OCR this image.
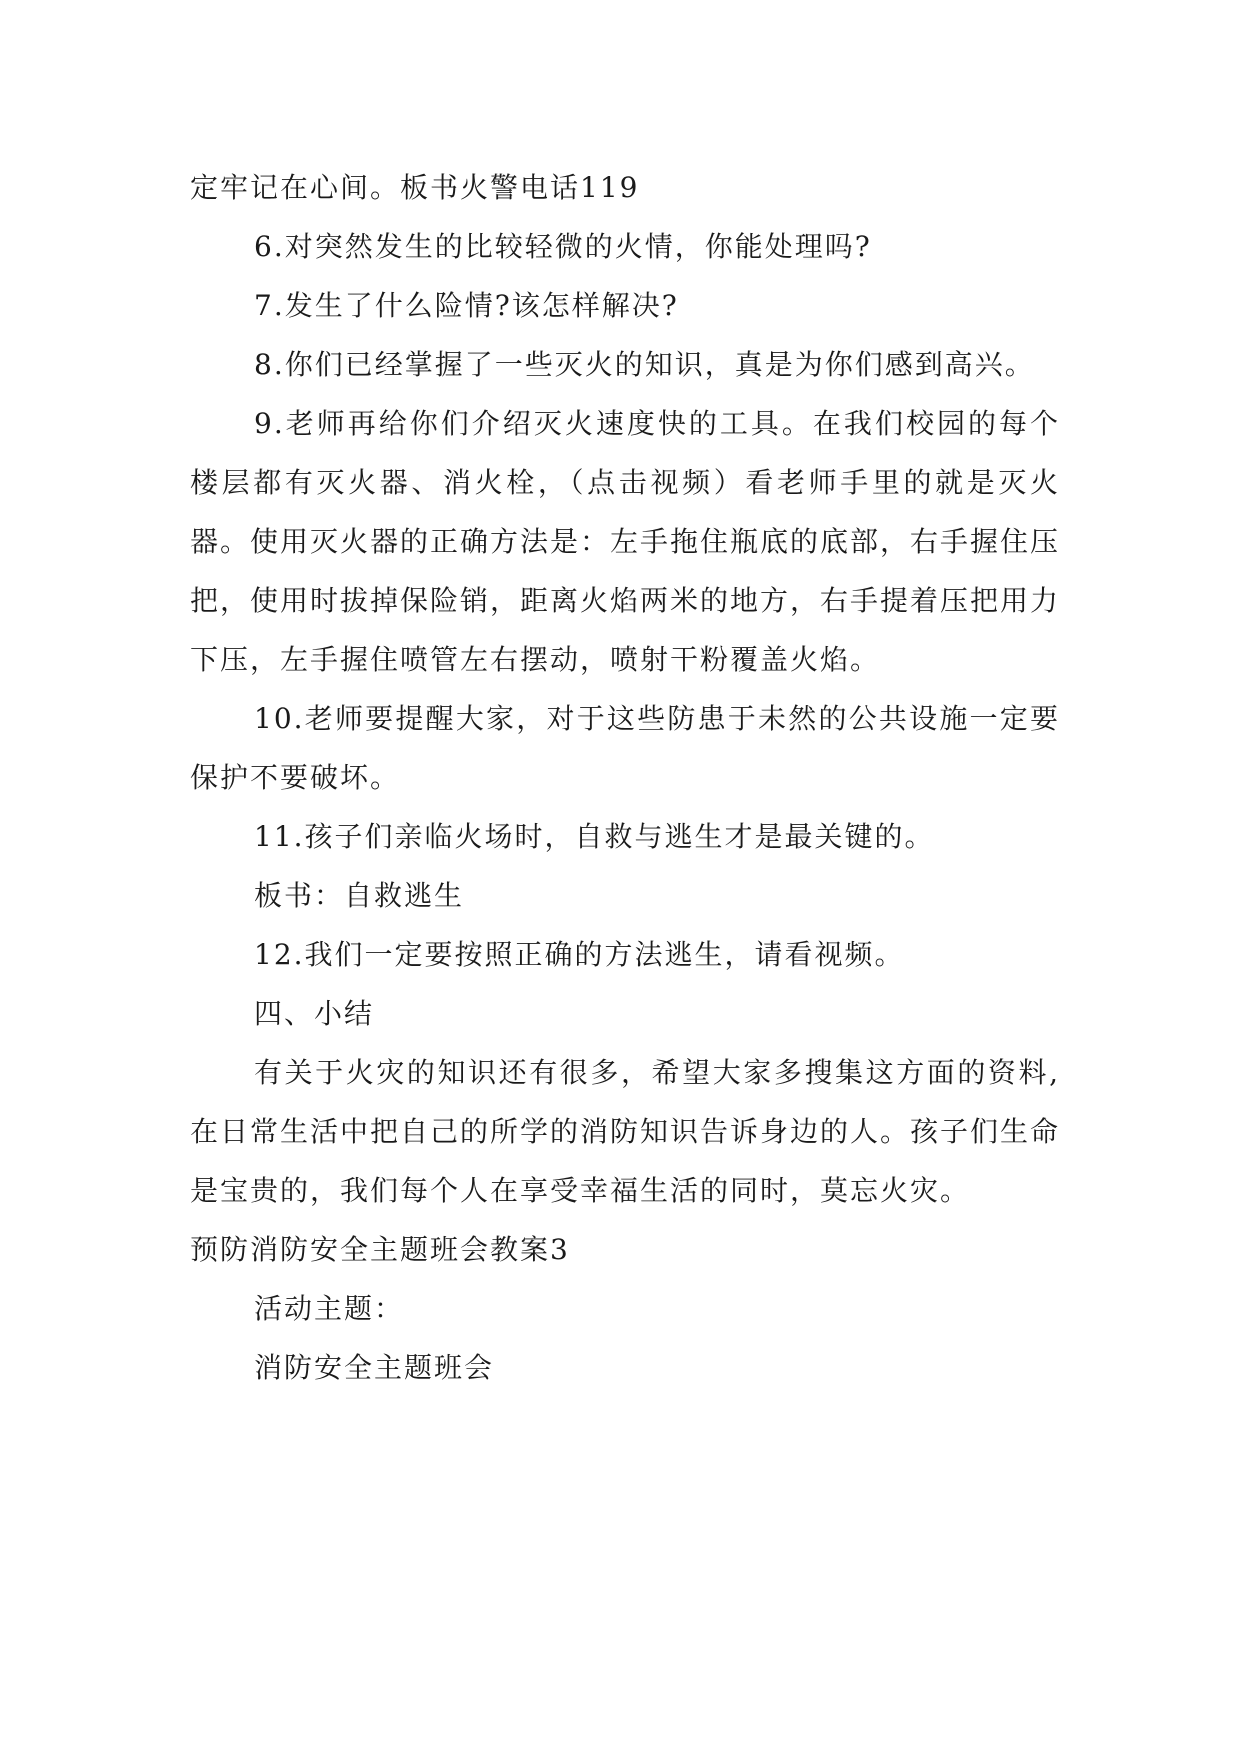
定牢记在心间。板书火警电话119

6.对突然发生的比较轻微的火情，你能处理吗?

7.发生了什么险情?该怎样解决?

8.你们已经掌握了一些灭火的知识，真是为你们感到高兴。

9.老师再给你们介绍灭火速度快的工具。在我们校园的每个楼层都有灭火器、消火栓，（点击视频）看老师手里的就是灭火器。使用灭火器的正确方法是：左手拖住瓶底的底部，右手握住压把，使用时拔掉保险销，距离火焰两米的地方，右手提着压把用力下压，左手握住喷管左右摆动，喷射干粉覆盖火焰。

10.老师要提醒大家，对于这些防患于未然的公共设施一定要保护不要破坏。

11.孩子们亲临火场时，自救与逃生才是最关键的。

板书：自救逃生

12.我们一定要按照正确的方法逃生，请看视频。

四、小结

有关于火灾的知识还有很多，希望大家多搜集这方面的资料,在日常生活中把自己的所学的消防知识告诉身边的人。孩子们生命是宝贵的，我们每个人在享受幸福生活的同时，莫忘火灾。

预防消防安全主题班会教案3

活动主题：

消防安全主题班会
